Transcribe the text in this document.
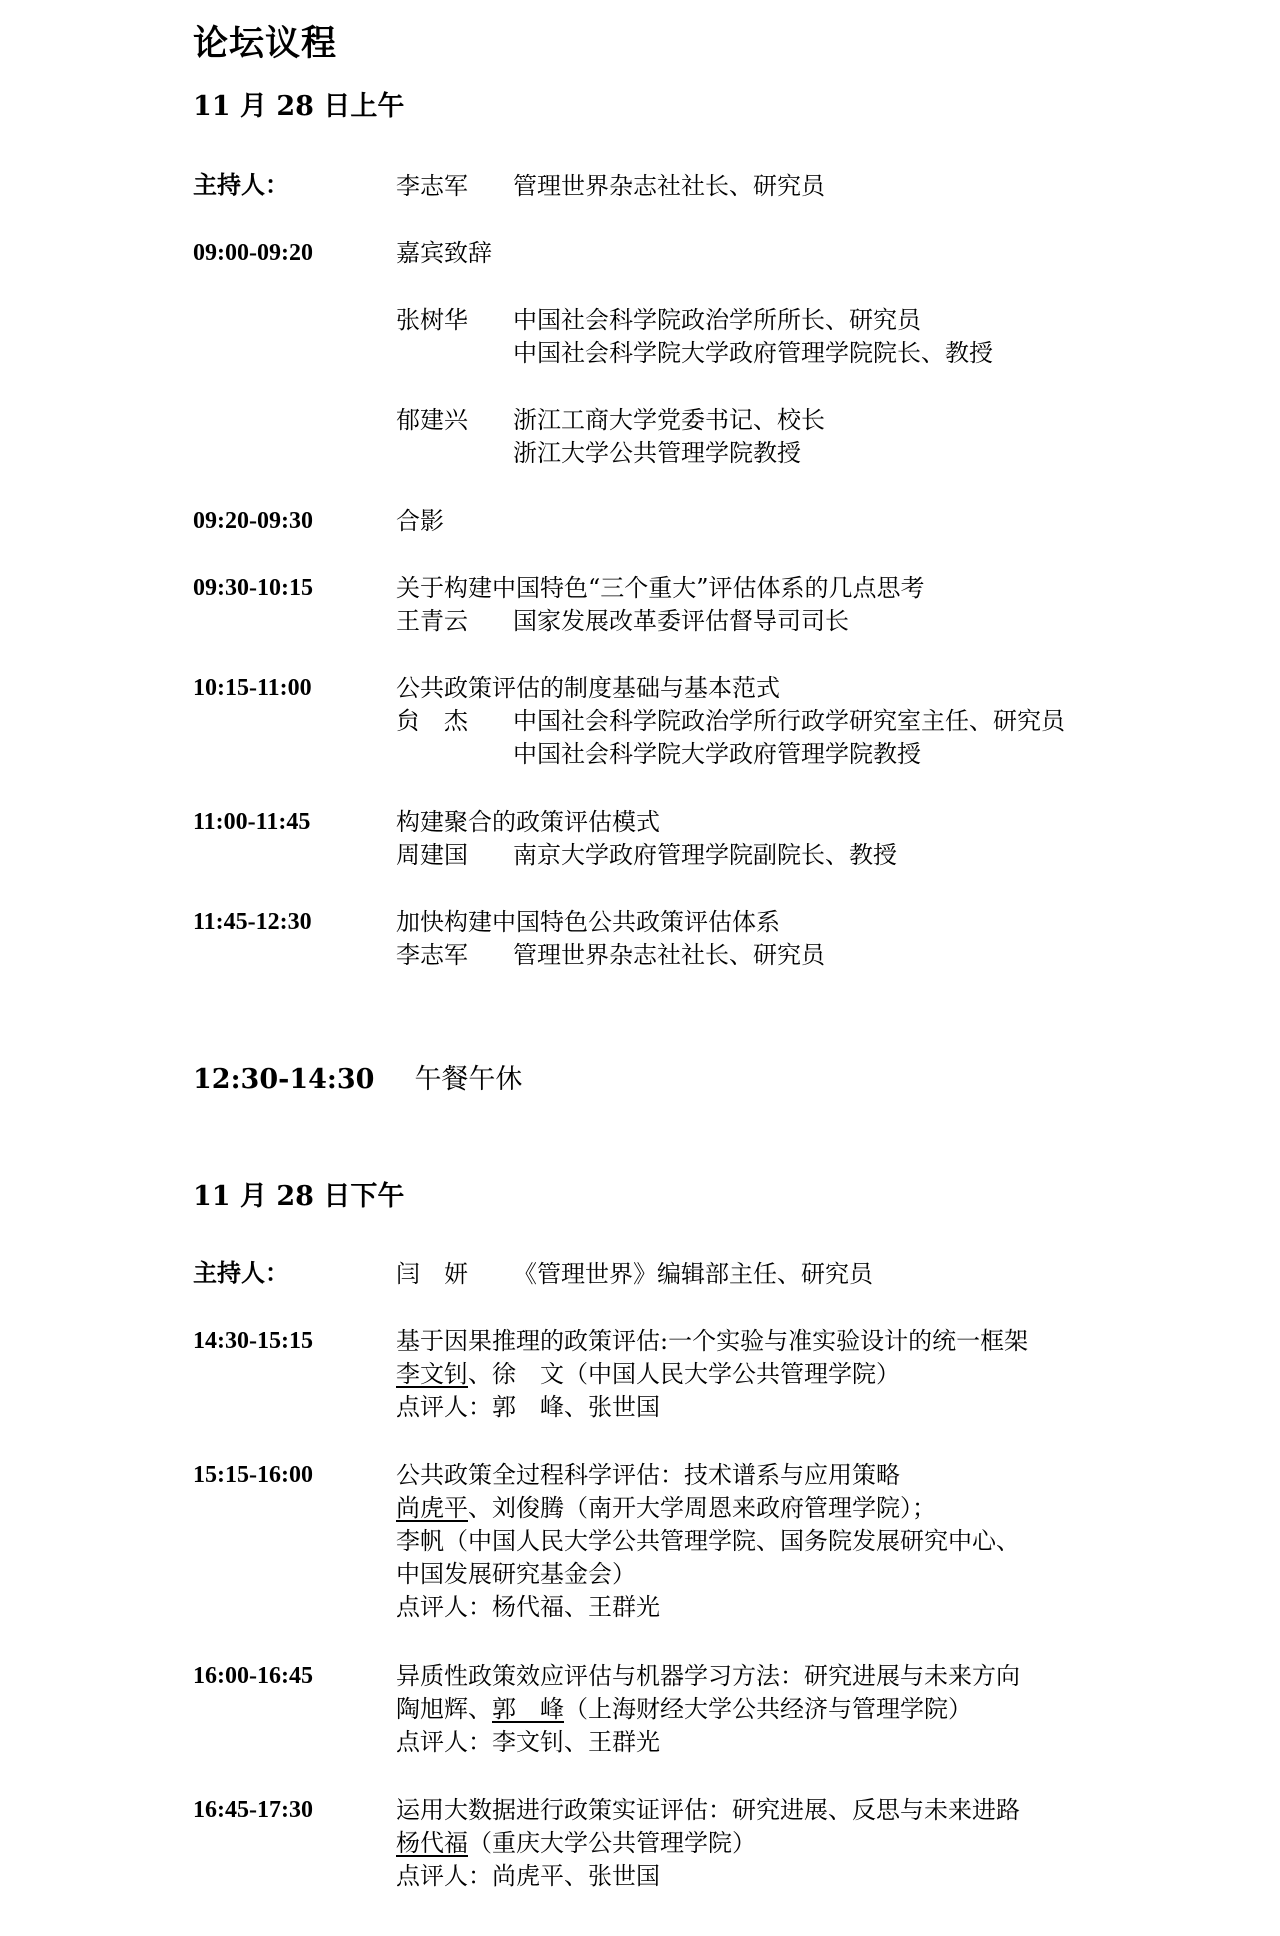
论坛议程
11 月 28 日上午
主持人：	李志军 管理世界杂志社社长、研究员
09:00-09:20	嘉宾致辞
张树华 中国社会科学院政治学所所长、研究员
中国社会科学院大学政府管理学院院长、教授
郁建兴 浙江工商大学党委书记、校长
浙江大学公共管理学院教授
09:20-09:30	合影
09:30-10:15	关于构建中国特色“三个重大”评估体系的几点思考
王青云 国家发展改革委评估督导司司长
10:15-11:00	公共政策评估的制度基础与基本范式
贠　杰 中国社会科学院政治学所行政学研究室主任、研究员
中国社会科学院大学政府管理学院教授
11:00-11:45	构建聚合的政策评估模式
周建国 南京大学政府管理学院副院长、教授
11:45-12:30	加快构建中国特色公共政策评估体系
李志军 管理世界杂志社社长、研究员
12:30-14:30 午餐午休
11 月 28 日下午
主持人：	闫　妍 《管理世界》编辑部主任、研究员
14:30-15:15	基于因果推理的政策评估:一个实验与准实验设计的统一框架
李文钊、徐　文（中国人民大学公共管理学院）
点评人：郭　峰、张世国
15:15-16:00	公共政策全过程科学评估：技术谱系与应用策略
尚虎平、刘俊腾（南开大学周恩来政府管理学院）；
李帆（中国人民大学公共管理学院、国务院发展研究中心、
中国发展研究基金会）
点评人：杨代福、王群光
16:00-16:45	异质性政策效应评估与机器学习方法：研究进展与未来方向
陶旭辉、郭　峰（上海财经大学公共经济与管理学院）
点评人：李文钊、王群光
16:45-17:30	运用大数据进行政策实证评估：研究进展、反思与未来进路
杨代福（重庆大学公共管理学院）
点评人：尚虎平、张世国
